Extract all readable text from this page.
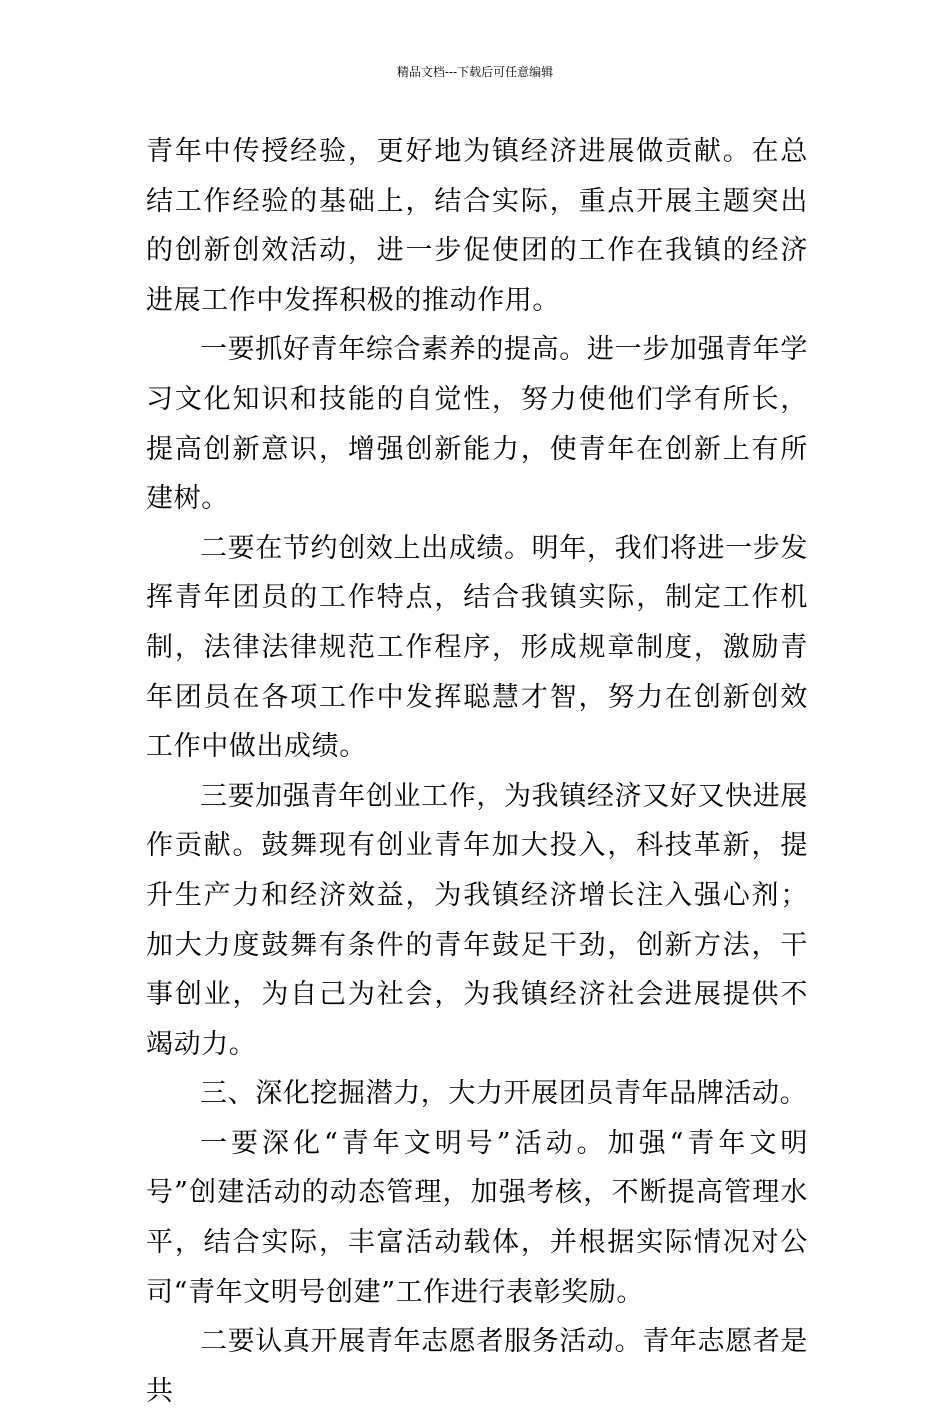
精品文档---下载后可任意编辑

青年中传授经验，更好地为镇经济进展做贡献。在总结工作经验的基础上，结合实际，重点开展主题突出的创新创效活动，进一步促使团的工作在我镇的经济进展工作中发挥积极的推动作用。

一要抓好青年综合素养的提高。进一步加强青年学习文化知识和技能的自觉性，努力使他们学有所长，提高创新意识，增强创新能力，使青年在创新上有所建树。

二要在节约创效上出成绩。明年，我们将进一步发挥青年团员的工作特点，结合我镇实际，制定工作机制，法律法律规范工作程序，形成规章制度，激励青年团员在各项工作中发挥聪慧才智，努力在创新创效工作中做出成绩。

三要加强青年创业工作，为我镇经济又好又快进展作贡献。鼓舞现有创业青年加大投入，科技革新，提升生产力和经济效益，为我镇经济增长注入强心剂；加大力度鼓舞有条件的青年鼓足干劲，创新方法，干事创业，为自己为社会，为我镇经济社会进展提供不竭动力。

三、深化挖掘潜力，大力开展团员青年品牌活动。

一要深化“青年文明号”活动。加强“青年文明号”创建活动的动态管理，加强考核，不断提高管理水平，结合实际，丰富活动载体，并根据实际情况对公司“青年文明号创建”工作进行表彰奖励。

二要认真开展青年志愿者服务活动。青年志愿者是共
